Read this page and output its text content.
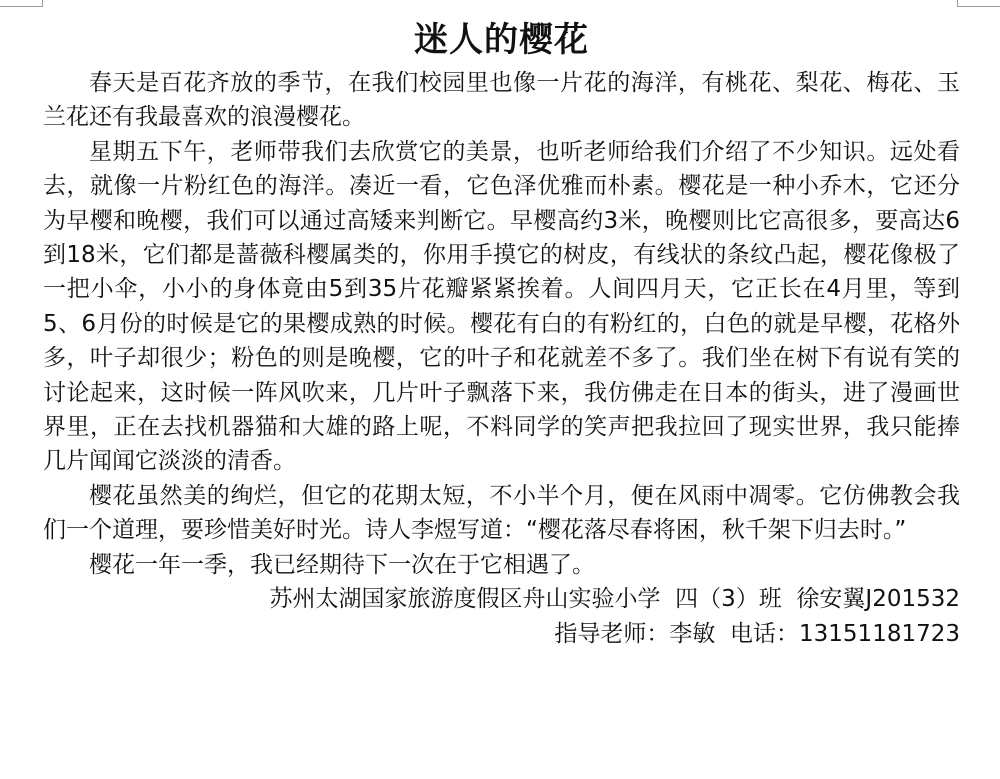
迷人的樱花

春天是百花齐放的季节，在我们校园里也像一片花的海洋，有桃花、梨花、梅花、玉兰花还有我最喜欢的浪漫樱花。

星期五下午，老师带我们去欣赏它的美景，也听老师给我们介绍了不少知识。远处看去，就像一片粉红色的海洋。凑近一看，它色泽优雅而朴素。樱花是一种小乔木，它还分为早樱和晚樱，我们可以通过高矮来判断它。早樱高约3米，晚樱则比它高很多，要高达6到18米，它们都是蔷薇科樱属类的，你用手摸它的树皮，有线状的条纹凸起，樱花像极了一把小伞，小小的身体竟由5到35片花瓣紧紧挨着。人间四月天，它正长在4月里，等到5、6月份的时候是它的果樱成熟的时候。樱花有白的有粉红的，白色的就是早樱，花格外多，叶子却很少；粉色的则是晚樱，它的叶子和花就差不多了。我们坐在树下有说有笑的讨论起来，这时候一阵风吹来，几片叶子飘落下来，我仿佛走在日本的街头，进了漫画世界里，正在去找机器猫和大雄的路上呢，不料同学的笑声把我拉回了现实世界，我只能捧几片闻闻它淡淡的清香。

樱花虽然美的绚烂，但它的花期太短，不小半个月，便在风雨中凋零。它仿佛教会我们一个道理，要珍惜美好时光。诗人李煜写道：“樱花落尽春将困，秋千架下归去时。”

樱花一年一季，我已经期待下一次在于它相遇了。

苏州太湖国家旅游度假区舟山实验小学  四（3）班  徐安翼J201532
指导老师：李敏  电话：13151181723
